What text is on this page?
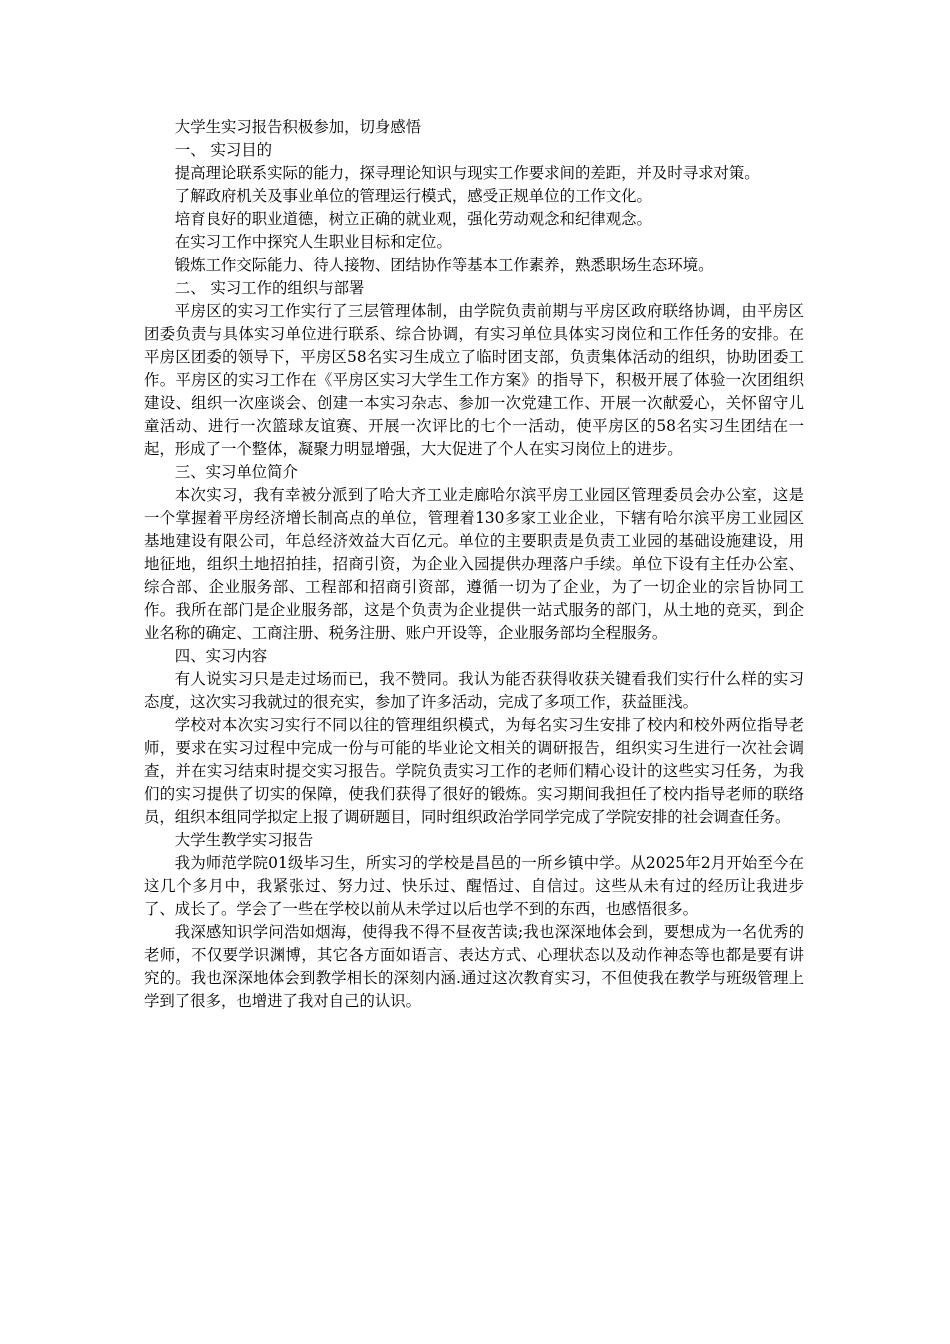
大学生实习报告积极参加，切身感悟

一、 实习目的

提高理论联系实际的能力，探寻理论知识与现实工作要求间的差距，并及时寻求对策。

了解政府机关及事业单位的管理运行模式，感受正规单位的工作文化。

培育良好的职业道德，树立正确的就业观，强化劳动观念和纪律观念。

在实习工作中探究人生职业目标和定位。

锻炼工作交际能力、待人接物、团结协作等基本工作素养，熟悉职场生态环境。

二、 实习工作的组织与部署

平房区的实习工作实行了三层管理体制，由学院负责前期与平房区政府联络协调，由平房区团委负责与具体实习单位进行联系、综合协调，有实习单位具体实习岗位和工作任务的安排。在平房区团委的领导下，平房区58名实习生成立了临时团支部，负责集体活动的组织，协助团委工作。平房区的实习工作在《平房区实习大学生工作方案》的指导下，积极开展了体验一次团组织建设、组织一次座谈会、创建一本实习杂志、参加一次党建工作、开展一次献爱心，关怀留守儿童活动、进行一次篮球友谊赛、开展一次评比的七个一活动，使平房区的58名实习生团结在一起，形成了一个整体，凝聚力明显增强，大大促进了个人在实习岗位上的进步。

三、实习单位简介

本次实习，我有幸被分派到了哈大齐工业走廊哈尔滨平房工业园区管理委员会办公室，这是一个掌握着平房经济增长制高点的单位，管理着130多家工业企业，下辖有哈尔滨平房工业园区基地建设有限公司，年总经济效益大百亿元。单位的主要职责是负责工业园的基础设施建设，用地征地，组织土地招拍挂，招商引资，为企业入园提供办理落户手续。单位下设有主任办公室、综合部、企业服务部、工程部和招商引资部，遵循一切为了企业，为了一切企业的宗旨协同工作。我所在部门是企业服务部，这是个负责为企业提供一站式服务的部门，从土地的竞买，到企业名称的确定、工商注册、税务注册、账户开设等，企业服务部均全程服务。

四、实习内容

有人说实习只是走过场而已，我不赞同。我认为能否获得收获关键看我们实行什么样的实习态度，这次实习我就过的很充实，参加了许多活动，完成了多项工作，获益匪浅。

学校对本次实习实行不同以往的管理组织模式，为每名实习生安排了校内和校外两位指导老师，要求在实习过程中完成一份与可能的毕业论文相关的调研报告，组织实习生进行一次社会调查，并在实习结束时提交实习报告。学院负责实习工作的老师们精心设计的这些实习任务，为我们的实习提供了切实的保障，使我们获得了很好的锻炼。实习期间我担任了校内指导老师的联络员，组织本组同学拟定上报了调研题目，同时组织政治学同学完成了学院安排的社会调查任务。

大学生教学实习报告

我为师范学院01级毕习生，所实习的学校是昌邑的一所乡镇中学。从2025年2月开始至今在这几个多月中，我紧张过、努力过、快乐过、醒悟过、自信过。这些从未有过的经历让我进步了、成长了。学会了一些在学校以前从未学过以后也学不到的东西，也感悟很多。

我深感知识学问浩如烟海，使得我不得不昼夜苦读;我也深深地体会到，要想成为一名优秀的老师，不仅要学识渊博，其它各方面如语言、表达方式、心理状态以及动作神态等也都是要有讲究的。我也深深地体会到教学相长的深刻内涵.通过这次教育实习，不但使我在教学与班级管理上学到了很多，也增进了我对自己的认识。
